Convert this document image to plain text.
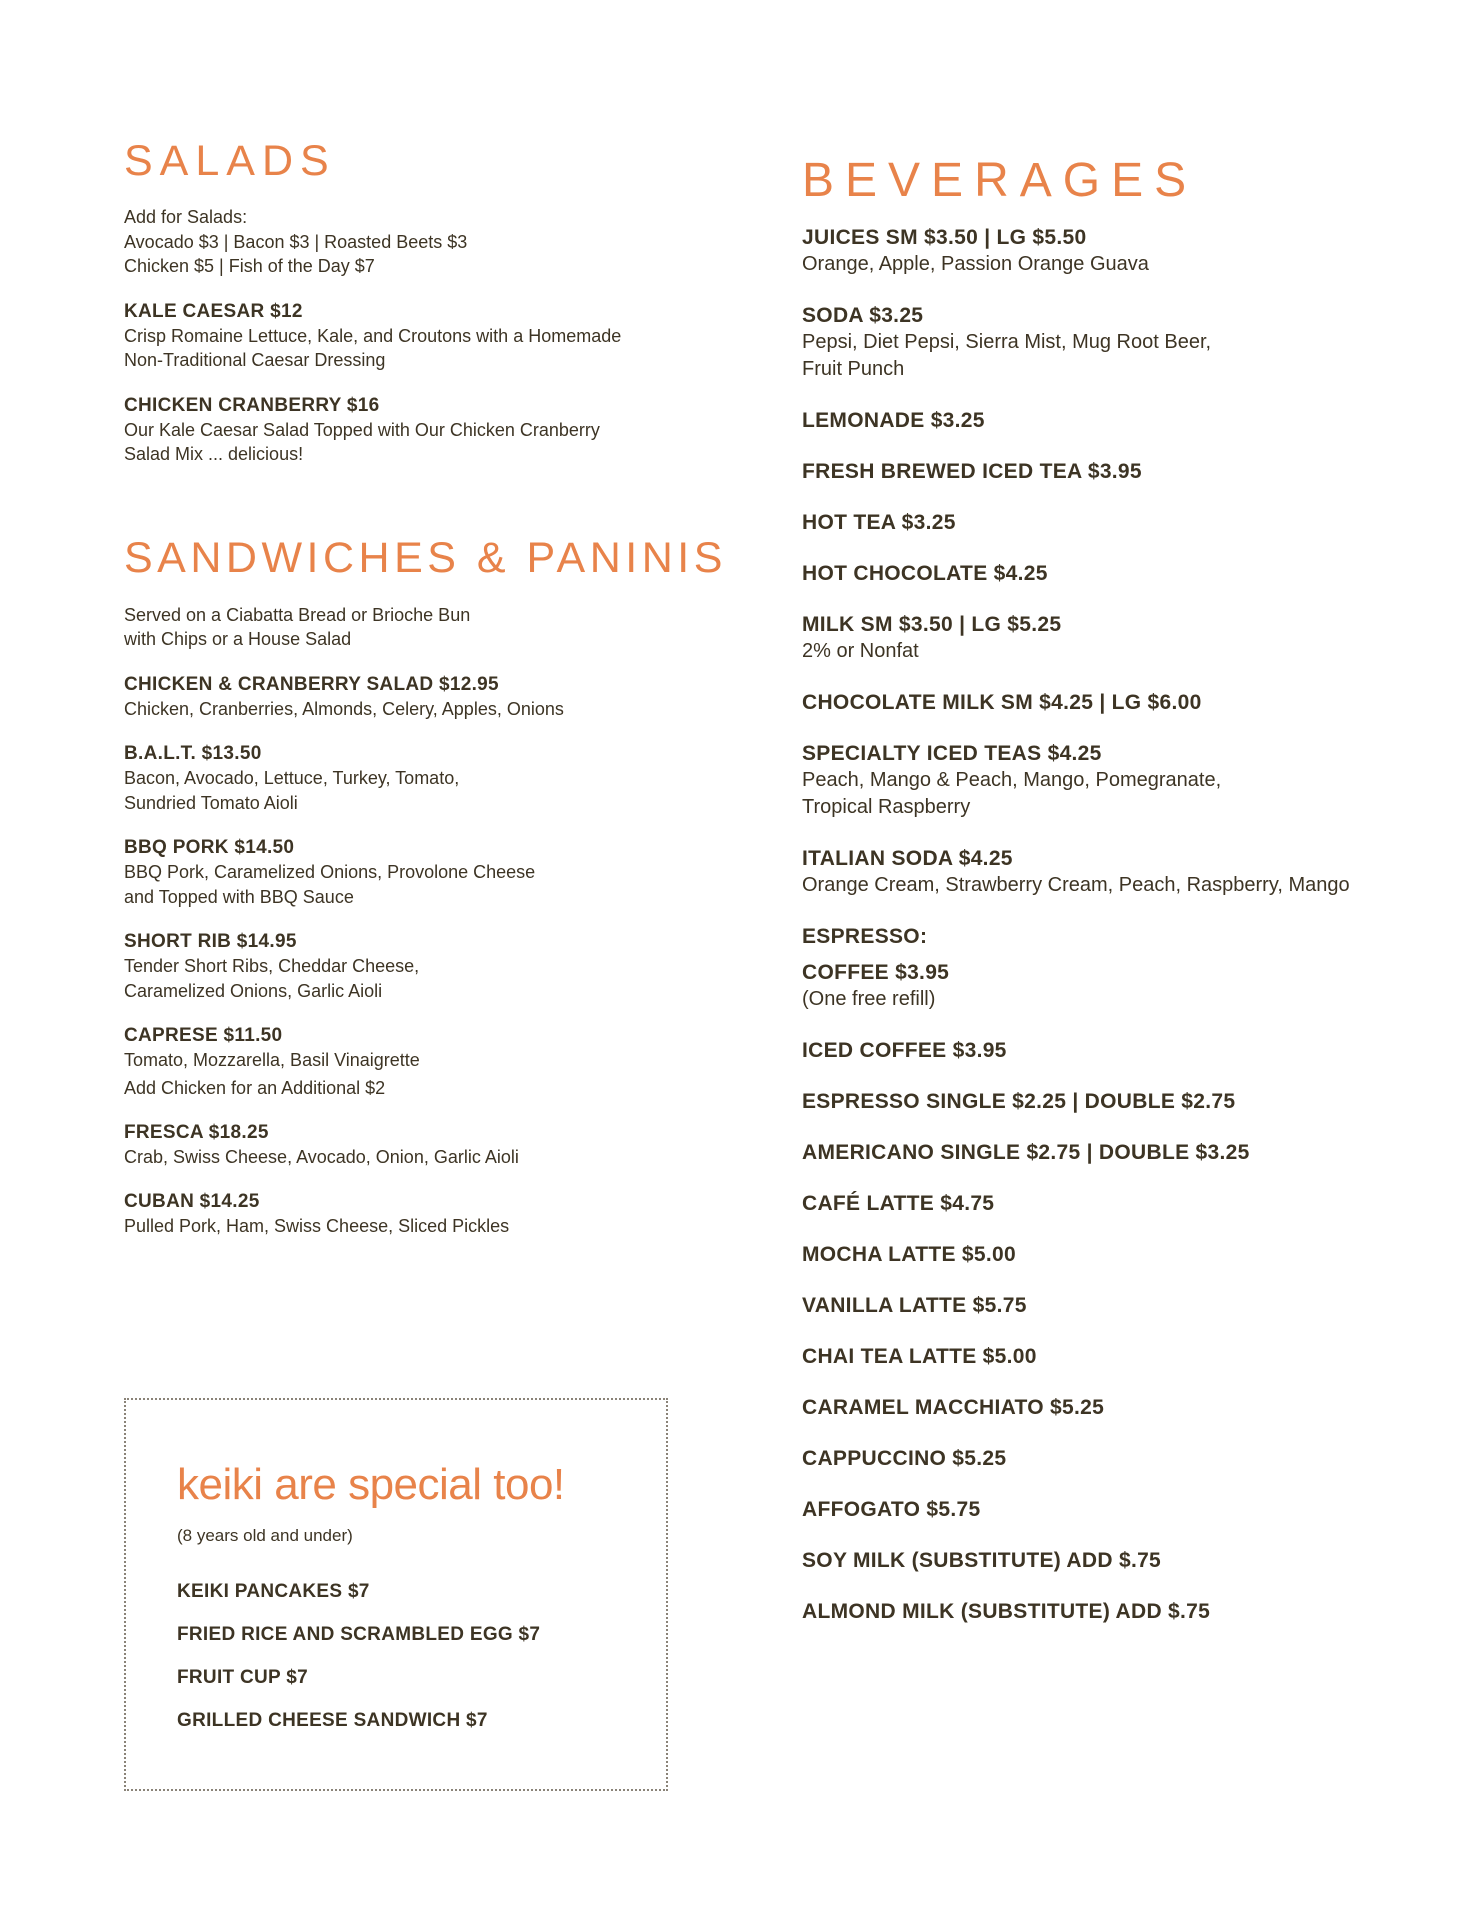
SALADS
Add for Salads:
Avocado $3 | Bacon $3 | Roasted Beets $3
Chicken $5 | Fish of the Day $7
KALE CAESAR $12
Crisp Romaine Lettuce, Kale, and Croutons with a Homemade
Non-Traditional Caesar Dressing
CHICKEN CRANBERRY $16
Our Kale Caesar Salad Topped with Our Chicken Cranberry
Salad Mix ... delicious!
SANDWICHES & PANINIS
Served on a Ciabatta Bread or Brioche Bun
with Chips or a House Salad
CHICKEN & CRANBERRY SALAD $12.95
Chicken, Cranberries, Almonds, Celery, Apples, Onions
B.A.L.T. $13.50
Bacon, Avocado, Lettuce, Turkey, Tomato,
Sundried Tomato Aioli
BBQ PORK $14.50
BBQ Pork, Caramelized Onions, Provolone Cheese
and Topped with BBQ Sauce
SHORT RIB $14.95
Tender Short Ribs, Cheddar Cheese,
Caramelized Onions, Garlic Aioli
CAPRESE $11.50
Tomato, Mozzarella, Basil Vinaigrette
Add Chicken for an Additional $2
FRESCA $18.25
Crab, Swiss Cheese, Avocado, Onion, Garlic Aioli
CUBAN $14.25
Pulled Pork, Ham, Swiss Cheese, Sliced Pickles
keiki are special too!
(8 years old and under)
KEIKI PANCAKES $7
FRIED RICE AND SCRAMBLED EGG $7
FRUIT CUP $7
GRILLED CHEESE SANDWICH $7
BEVERAGES
JUICES SM $3.50 | LG $5.50
Orange, Apple, Passion Orange Guava
SODA $3.25
Pepsi, Diet Pepsi, Sierra Mist, Mug Root Beer,
Fruit Punch
LEMONADE $3.25
FRESH BREWED ICED TEA $3.95
HOT TEA $3.25
HOT CHOCOLATE $4.25
MILK SM $3.50 | LG $5.25
2% or Nonfat
CHOCOLATE MILK SM $4.25 | LG $6.00
SPECIALTY ICED TEAS $4.25
Peach, Mango & Peach, Mango, Pomegranate,
Tropical Raspberry
ITALIAN SODA $4.25
Orange Cream, Strawberry Cream, Peach, Raspberry, Mango
ESPRESSO:
COFFEE $3.95
(One free refill)
ICED COFFEE $3.95
ESPRESSO SINGLE $2.25 | DOUBLE $2.75
AMERICANO SINGLE $2.75 | DOUBLE $3.25
CAFÉ LATTE $4.75
MOCHA LATTE $5.00
VANILLA LATTE $5.75
CHAI TEA LATTE $5.00
CARAMEL MACCHIATO $5.25
CAPPUCCINO $5.25
AFFOGATO $5.75
SOY MILK (SUBSTITUTE) ADD $.75
ALMOND MILK (SUBSTITUTE) ADD $.75
